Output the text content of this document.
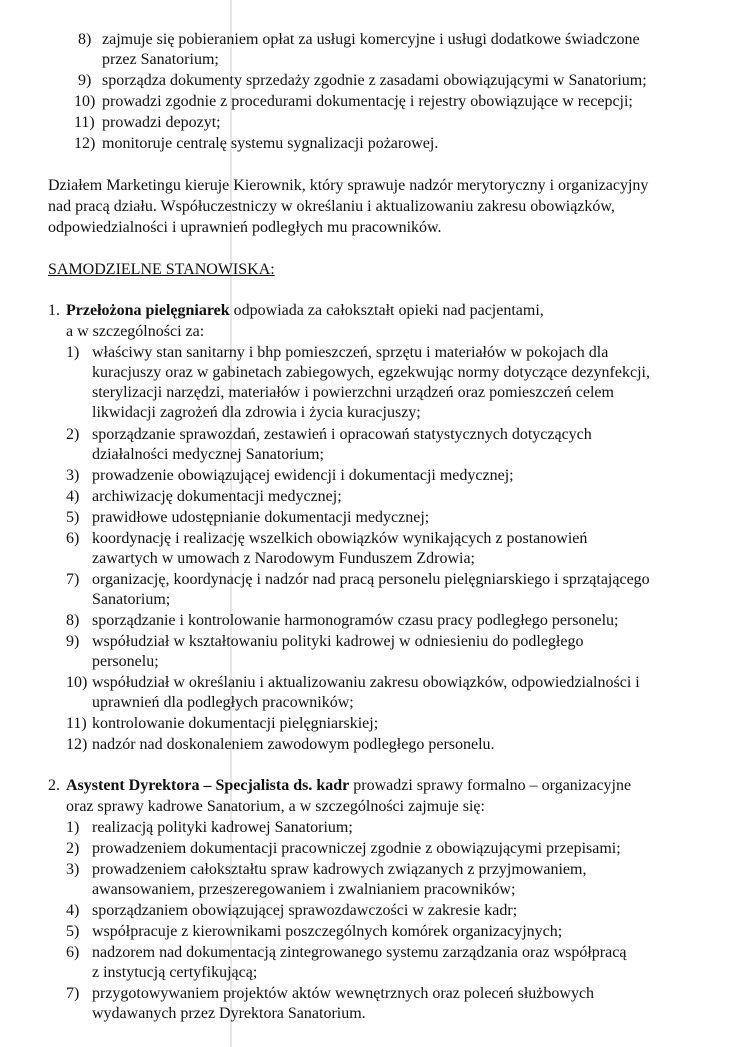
8) zajmuje się pobieraniem opłat za usługi komercyjne i usługi dodatkowe świadczone
przez Sanatorium;
9) sporządza dokumenty sprzedaży zgodnie z zasadami obowiązującymi w Sanatorium;
10) prowadzi zgodnie z procedurami dokumentację i rejestry obowiązujące w recepcji;
11) prowadzi depozyt;
12) monitoruje centralę systemu sygnalizacji pożarowej.
Działem Marketingu kieruje Kierownik, który sprawuje nadzór merytoryczny i organizacyjny
nad pracą działu. Współuczestniczy w określaniu i aktualizowaniu zakresu obowiązków,
odpowiedzialności i uprawnień podległych mu pracowników.
SAMODZIELNE STANOWISKA:
1. Przełożona pielęgniarek odpowiada za całokształt opieki nad pacjentami,
a w szczególności za:
1) właściwy stan sanitarny i bhp pomieszczeń, sprzętu i materiałów w pokojach dla
kuracjuszy oraz w gabinetach zabiegowych, egzekwując normy dotyczące dezynfekcji,
sterylizacji narzędzi, materiałów i powierzchni urządzeń oraz pomieszczeń celem
likwidacji zagrożeń dla zdrowia i życia kuracjuszy;
2) sporządzanie sprawozdań, zestawień i opracowań statystycznych dotyczących
działalności medycznej Sanatorium;
3) prowadzenie obowiązującej ewidencji i dokumentacji medycznej;
4) archiwizację dokumentacji medycznej;
5) prawidłowe udostępnianie dokumentacji medycznej;
6) koordynację i realizację wszelkich obowiązków wynikających z postanowień
zawartych w umowach z Narodowym Funduszem Zdrowia;
7) organizację, koordynację i nadzór nad pracą personelu pielęgniarskiego i sprzątającego
Sanatorium;
8) sporządzanie i kontrolowanie harmonogramów czasu pracy podległego personelu;
9) współudział w kształtowaniu polityki kadrowej w odniesieniu do podległego
personelu;
10) współudział w określaniu i aktualizowaniu zakresu obowiązków, odpowiedzialności i
uprawnień dla podległych pracowników;
11) kontrolowanie dokumentacji pielęgniarskiej;
12) nadzór nad doskonaleniem zawodowym podległego personelu.
2. Asystent Dyrektora – Specjalista ds. kadr prowadzi sprawy formalno – organizacyjne
oraz sprawy kadrowe Sanatorium, a w szczególności zajmuje się:
1) realizacją polityki kadrowej Sanatorium;
2) prowadzeniem dokumentacji pracowniczej zgodnie z obowiązującymi przepisami;
3) prowadzeniem całokształtu spraw kadrowych związanych z przyjmowaniem,
awansowaniem, przeszeregowaniem i zwalnianiem pracowników;
4) sporządzaniem obowiązującej sprawozdawczości w zakresie kadr;
5) współpracuje z kierownikami poszczególnych komórek organizacyjnych;
6) nadzorem nad dokumentacją zintegrowanego systemu zarządzania oraz współpracą
z instytucją certyfikującą;
7) przygotowywaniem projektów aktów wewnętrznych oraz poleceń służbowych
wydawanych przez Dyrektora Sanatorium.
